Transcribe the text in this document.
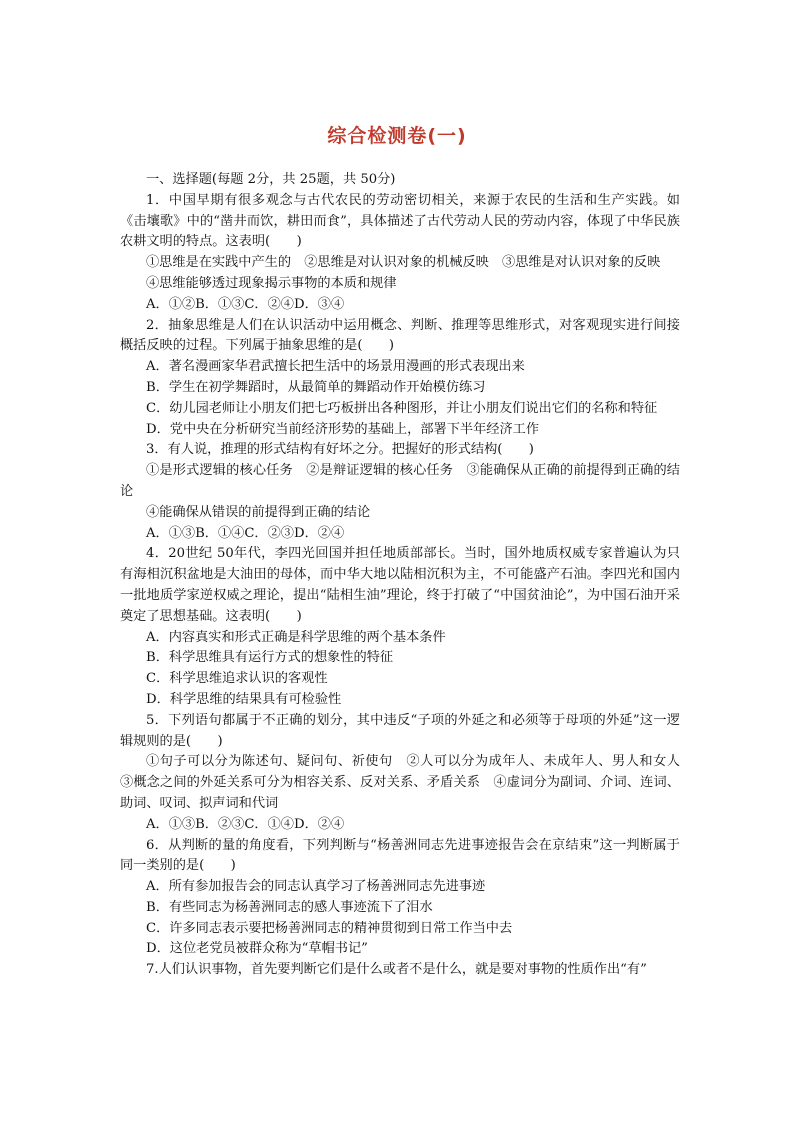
综合检测卷(一)

一、选择题(每题 2分，共 25题，共 50分)

1．中国早期有很多观念与古代农民的劳动密切相关，来源于农民的生活和生产实践。如《击壤歌》中的“凿井而饮，耕田而食”，具体描述了古代劳动人民的劳动内容，体现了中华民族农耕文明的特点。这表明(　　)

①思维是在实践中产生的　②思维是对认识对象的机械反映　③思维是对认识对象的反映

④思维能够透过现象揭示事物的本质和规律

A．①②B．①③C．②④D．③④

2．抽象思维是人们在认识活动中运用概念、判断、推理等思维形式，对客观现实进行间接概括反映的过程。下列属于抽象思维的是(　　)

A．著名漫画家华君武擅长把生活中的场景用漫画的形式表现出来

B．学生在初学舞蹈时，从最简单的舞蹈动作开始模仿练习

C．幼儿园老师让小朋友们把七巧板拼出各种图形，并让小朋友们说出它们的名称和特征

D．党中央在分析研究当前经济形势的基础上，部署下半年经济工作

3．有人说，推理的形式结构有好坏之分。把握好的形式结构(　　)

①是形式逻辑的核心任务　②是辩证逻辑的核心任务　③能确保从正确的前提得到正确的结论

④能确保从错误的前提得到正确的结论

A．①③B．①④C．②③D．②④

4．20世纪 50年代，李四光回国并担任地质部部长。当时，国外地质权威专家普遍认为只有海相沉积盆地是大油田的母体，而中华大地以陆相沉积为主，不可能盛产石油。李四光和国内一批地质学家逆权威之理论，提出“陆相生油”理论，终于打破了“中国贫油论”，为中国石油开采奠定了思想基础。这表明(　　)

A．内容真实和形式正确是科学思维的两个基本条件

B．科学思维具有运行方式的想象性的特征

C．科学思维追求认识的客观性

D．科学思维的结果具有可检验性

5．下列语句都属于不正确的划分，其中违反“子项的外延之和必须等于母项的外延”这一逻辑规则的是(　　)

①句子可以分为陈述句、疑问句、祈使句　②人可以分为成年人、未成年人、男人和女人　③概念之间的外延关系可分为相容关系、反对关系、矛盾关系　④虚词分为副词、介词、连词、助词、叹词、拟声词和代词

A．①③B．②③C．①④D．②④

6．从判断的量的角度看，下列判断与“杨善洲同志先进事迹报告会在京结束”这一判断属于同一类别的是(　　)

A．所有参加报告会的同志认真学习了杨善洲同志先进事迹

B．有些同志为杨善洲同志的感人事迹流下了泪水

C．许多同志表示要把杨善洲同志的精神贯彻到日常工作当中去

D．这位老党员被群众称为“草帽书记”

7.人们认识事物，首先要判断它们是什么或者不是什么，就是要对事物的性质作出“有”
